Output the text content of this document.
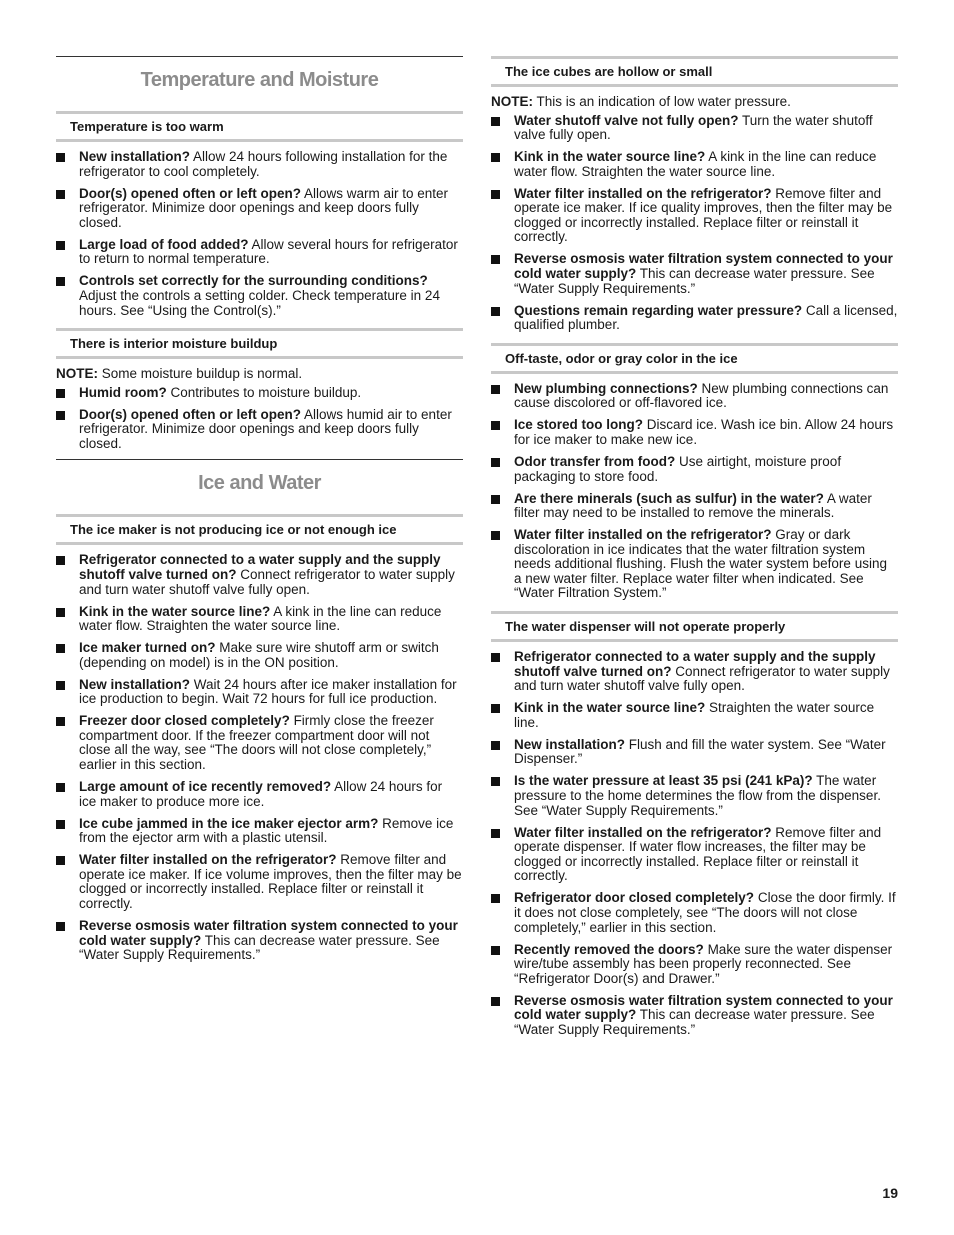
Temperature and Moisture
Temperature is too warm
New installation? Allow 24 hours following installation for the refrigerator to cool completely.
Door(s) opened often or left open? Allows warm air to enter refrigerator. Minimize door openings and keep doors fully closed.
Large load of food added? Allow several hours for refrigerator to return to normal temperature.
Controls set correctly for the surrounding conditions? Adjust the controls a setting colder. Check temperature in 24 hours. See “Using the Control(s).”
There is interior moisture buildup

NOTE: Some moisture buildup is normal.

Humid room? Contributes to moisture buildup.
Door(s) opened often or left open? Allows humid air to enter refrigerator. Minimize door openings and keep doors fully closed.
Ice and Water
The ice maker is not producing ice or not enough ice
Refrigerator connected to a water supply and the supply shutoff valve turned on? Connect refrigerator to water supply and turn water shutoff valve fully open.
Kink in the water source line? A kink in the line can reduce water flow. Straighten the water source line.
Ice maker turned on? Make sure wire shutoff arm or switch (depending on model) is in the ON position.
New installation? Wait 24 hours after ice maker installation for ice production to begin. Wait 72 hours for full ice production.
Freezer door closed completely? Firmly close the freezer compartment door. If the freezer compartment door will not close all the way, see “The doors will not close completely,” earlier in this section.
Large amount of ice recently removed? Allow 24 hours for ice maker to produce more ice.
Ice cube jammed in the ice maker ejector arm? Remove ice from the ejector arm with a plastic utensil.
Water filter installed on the refrigerator? Remove filter and operate ice maker. If ice volume improves, then the filter may be clogged or incorrectly installed. Replace filter or reinstall it correctly.
Reverse osmosis water filtration system connected to your cold water supply? This can decrease water pressure. See “Water Supply Requirements.”
The ice cubes are hollow or small

NOTE: This is an indication of low water pressure.

Water shutoff valve not fully open? Turn the water shutoff valve fully open.
Kink in the water source line? A kink in the line can reduce water flow. Straighten the water source line.
Water filter installed on the refrigerator? Remove filter and operate ice maker. If ice quality improves, then the filter may be clogged or incorrectly installed. Replace filter or reinstall it correctly.
Reverse osmosis water filtration system connected to your cold water supply? This can decrease water pressure. See “Water Supply Requirements.”
Questions remain regarding water pressure? Call a licensed, qualified plumber.
Off-taste, odor or gray color in the ice
New plumbing connections? New plumbing connections can cause discolored or off-flavored ice.
Ice stored too long? Discard ice. Wash ice bin. Allow 24 hours for ice maker to make new ice.
Odor transfer from food? Use airtight, moisture proof packaging to store food.
Are there minerals (such as sulfur) in the water? A water filter may need to be installed to remove the minerals.
Water filter installed on the refrigerator? Gray or dark discoloration in ice indicates that the water filtration system needs additional flushing. Flush the water system before using a new water filter. Replace water filter when indicated. See “Water Filtration System.”
The water dispenser will not operate properly
Refrigerator connected to a water supply and the supply shutoff valve turned on? Connect refrigerator to water supply and turn water shutoff valve fully open.
Kink in the water source line? Straighten the water source line.
New installation? Flush and fill the water system. See “Water Dispenser.”
Is the water pressure at least 35 psi (241 kPa)? The water pressure to the home determines the flow from the dispenser. See “Water Supply Requirements.”
Water filter installed on the refrigerator? Remove filter and operate dispenser. If water flow increases, the filter may be clogged or incorrectly installed. Replace filter or reinstall it correctly.
Refrigerator door closed completely? Close the door firmly. If it does not close completely, see “The doors will not close completely,” earlier in this section.
Recently removed the doors? Make sure the water dispenser wire/tube assembly has been properly reconnected. See “Refrigerator Door(s) and Drawer.”
Reverse osmosis water filtration system connected to your cold water supply? This can decrease water pressure. See “Water Supply Requirements.”
19
